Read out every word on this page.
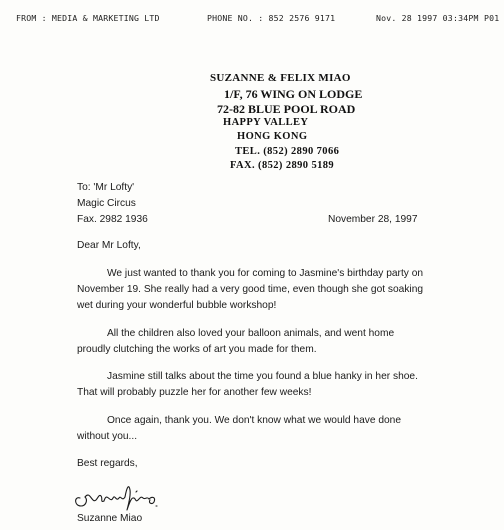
FROM : MEDIA & MARKETING LTD	PHONE NO. : 852 2576 9171	Nov. 28 1997 03:34PM P01
SUZANNE & FELIX MIAO
1/F, 76 WING ON LODGE
72-82 BLUE POOL ROAD
HAPPY VALLEY
HONG KONG
TEL. (852) 2890 7066
FAX. (852) 2890 5189
To: 'Mr Lofty'
Magic Circus
Fax. 2982 1936	November 28, 1997
Dear Mr Lofty,
We just wanted to thank you for coming to Jasmine's birthday party on
November 19. She really had a very good time, even though she got soaking
wet during your wonderful bubble workshop!
All the children also loved your balloon animals, and went home
proudly clutching the works of art you made for them.
Jasmine still talks about the time you found a blue hanky in her shoe.
That will probably puzzle her for another few weeks!
Once again, thank you. We don't know what we would have done
without you...
Best regards,
Suzanne Miao
